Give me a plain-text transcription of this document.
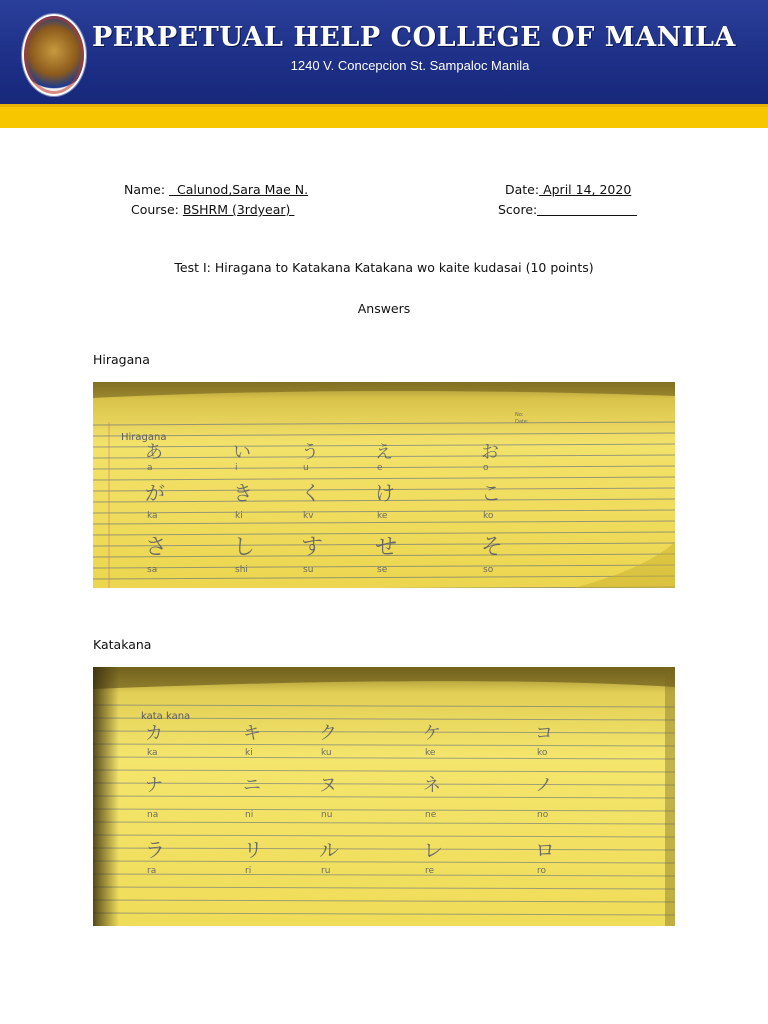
PERPETUAL HELP COLLEGE OF MANILA
1240 V. Concepcion St. Sampaloc Manila
Name:   Calunod,Sara Mae N.	Date: April 14, 2020
Course: BSHRM (3rdyear)	Score:
Test I: Hiragana to Katakana Katakana wo kaite kudasai (10 points)
Answers
Hiragana
Hiragana
No:
Date:
あ
a
い
i
う
u
え
e
お
o
が
ka
き
ki
く
kv
け
ke
こ
ko
さ
sa
し
shi
す
su
せ
se
そ
so
Katakana
kata kana
カ
ka
キ
ki
ク
ku
ケ
ke
コ
ko
ナ
na
ニ
ni
ヌ
nu
ネ
ne
ノ
no
ラ
ra
リ
ri
ル
ru
レ
re
ロ
ro
